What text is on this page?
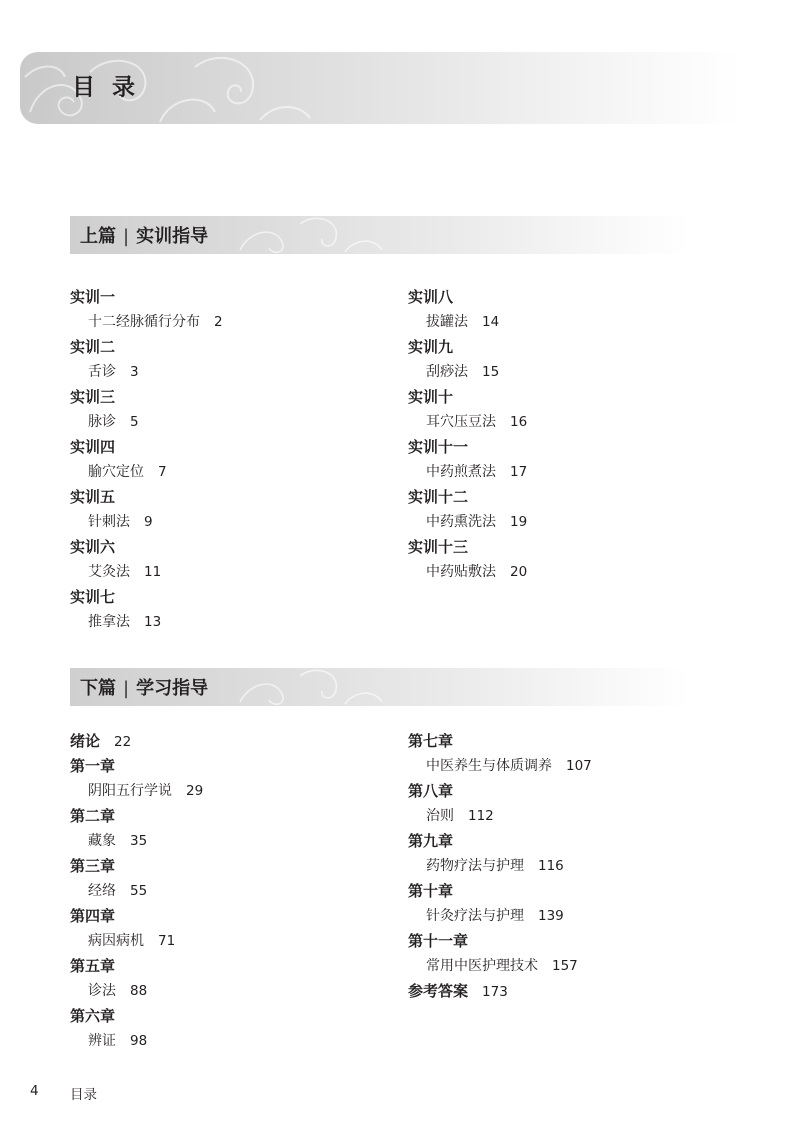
目录
上篇 | 实训指导
实训一
十二经脉循行分布 2
实训二
舌诊 3
实训三
脉诊 5
实训四
腧穴定位 7
实训五
针刺法 9
实训六
艾灸法 11
实训七
推拿法 13
实训八
拔罐法 14
实训九
刮痧法 15
实训十
耳穴压豆法 16
实训十一
中药煎煮法 17
实训十二
中药熏洗法 19
实训十三
中药贴敷法 20
下篇 | 学习指导
绪论 22
第一章
阴阳五行学说 29
第二章
藏象 35
第三章
经络 55
第四章
病因病机 71
第五章
诊法 88
第六章
辨证 98
第七章
中医养生与体质调养 107
第八章
治则 112
第九章
药物疗法与护理 116
第十章
针灸疗法与护理 139
第十一章
常用中医护理技术 157
参考答案 173
4 目录
